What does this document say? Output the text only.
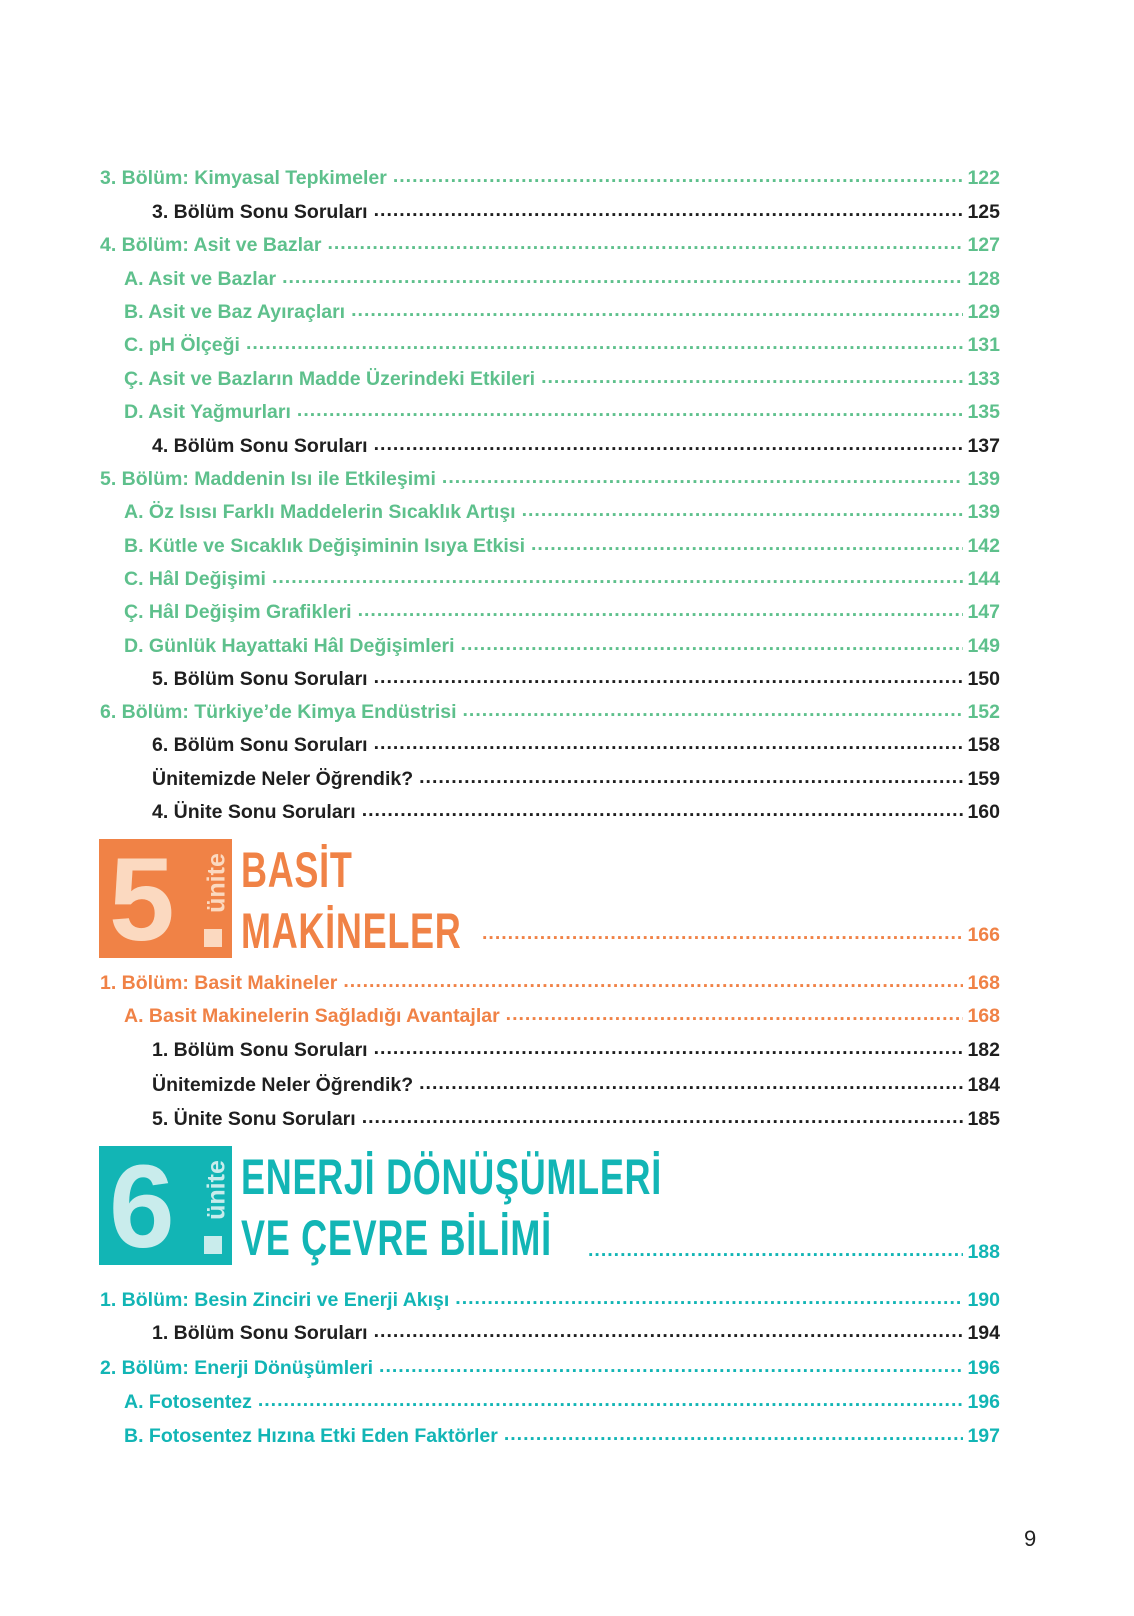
3. Bölüm: Kimyasal Tepkimeler .....	122
3. Bölüm Sonu Soruları .....	125
4. Bölüm: Asit ve Bazlar .....	127
A. Asit ve Bazlar .....	128
B. Asit ve Baz Ayıraçları .....	129
C. pH Ölçeği .....	131
Ç. Asit ve Bazların Madde Üzerindeki Etkileri .....	133
D. Asit Yağmurları .....	135
4. Bölüm Sonu Soruları .....	137
5. Bölüm: Maddenin Isı ile Etkileşimi .....	139
A. Öz Isısı Farklı Maddelerin Sıcaklık Artışı .....	139
B. Kütle ve Sıcaklık Değişiminin Isıya Etkisi .....	142
C. Hâl Değişimi .....	144
Ç. Hâl Değişim Grafikleri .....	147
D. Günlük Hayattaki Hâl Değişimleri .....	149
5. Bölüm Sonu Soruları .....	150
6. Bölüm: Türkiye’de Kimya Endüstrisi .....	152
6. Bölüm Sonu Soruları .....	158
Ünitemizde Neler Öğrendik? .....	159
4. Ünite Sonu Soruları .....	160
1. Bölüm: Basit Makineler .....	168
A. Basit Makinelerin Sağladığı Avantajlar .....	168
1. Bölüm Sonu Soruları .....	182
Ünitemizde Neler Öğrendik? .....	184
5. Ünite Sonu Soruları .....	185
1. Bölüm: Besin Zinciri ve Enerji Akışı .....	190
1. Bölüm Sonu Soruları .....	194
2. Bölüm: Enerji Dönüşümleri .....	196
A. Fotosentez .....	196
B. Fotosentez Hızına Etki Eden Faktörler .....	197
5 ünite BASİT
MAKİNELER .....	166
6 ünite ENERJİ DÖNÜŞÜMLERİ
VE ÇEVRE BİLİMİ .....	188
9
